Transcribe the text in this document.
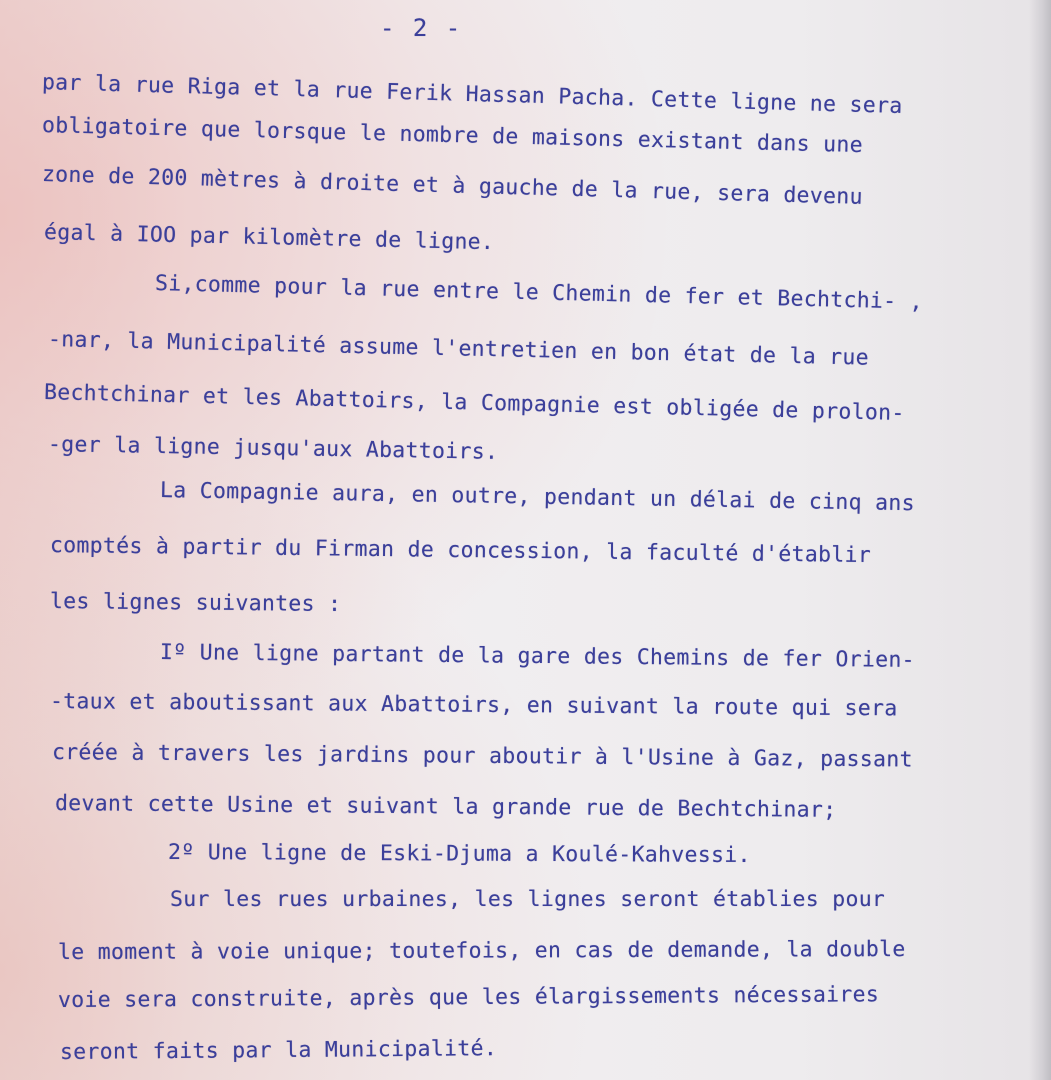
- 2 -
par la rue Riga et la rue Ferik Hassan Pacha. Cette ligne ne sera
obligatoire que lorsque le nombre de maisons existant dans une
zone de 200 mètres à droite et à gauche de la rue, sera devenu
égal à IOO par kilomètre de ligne.
Si,comme pour la rue entre le Chemin de fer et Bechtchi- ,
-nar, la Municipalité assume l'entretien en bon état de la rue
Bechtchinar et les Abattoirs, la Compagnie est obligée de prolon-
-ger la ligne jusqu'aux Abattoirs.
La Compagnie aura, en outre, pendant un délai de cinq ans
comptés à partir du Firman de concession, la faculté d'établir
les lignes suivantes :
Iº Une ligne partant de la gare des Chemins de fer Orien-
-taux et aboutissant aux Abattoirs, en suivant la route qui sera
créée à travers les jardins pour aboutir à l'Usine à Gaz, passant
devant cette Usine et suivant la grande rue de Bechtchinar;
2º Une ligne de Eski-Djuma a Koulé-Kahvessi.
Sur les rues urbaines, les lignes seront établies pour
le moment à voie unique; toutefois, en cas de demande, la double
voie sera construite, après que les élargissements nécessaires
seront faits par la Municipalité.
